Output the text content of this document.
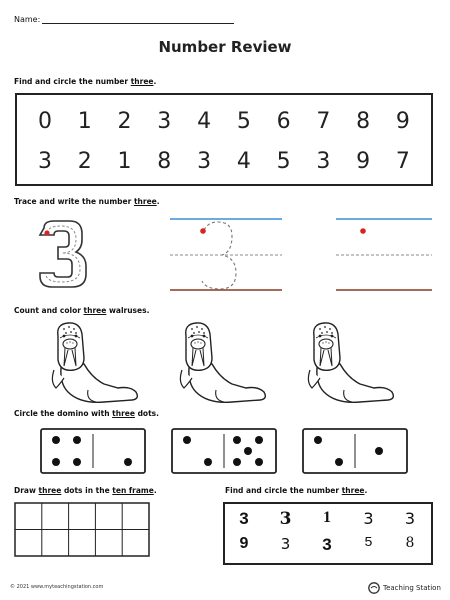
Name:
Number Review
Find and circle the number three.
0 1 2 3 4 5 6 7 8 9
3 2 1 8 3 4 5 3 9 7
Trace and write the number three.
Count and color three walruses.
Circle the domino with three dots.
Draw three dots in the ten frame.	Find and circle the number three.
3	3	1	3	3
9	3	3	5	8
© 2021 www.myteachingstation.com	Teaching Station
